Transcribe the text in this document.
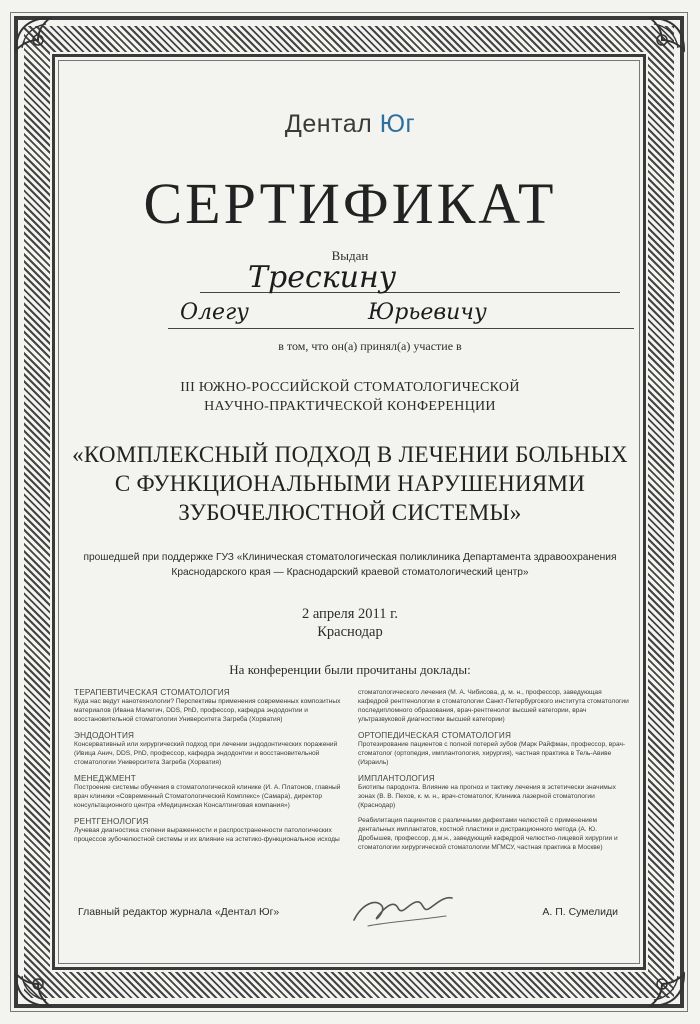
Дентал Юг
СЕРТИФИКАТ
Выдан
Трескину
Олегу	Юрьевичу
в том, что он(а) принял(а) участие в
III ЮЖНО-РОССИЙСКОЙ СТОМАТОЛОГИЧЕСКОЙ
НАУЧНО-ПРАКТИЧЕСКОЙ КОНФЕРЕНЦИИ
«КОМПЛЕКСНЫЙ ПОДХОД В ЛЕЧЕНИИ БОЛЬНЫХ
С ФУНКЦИОНАЛЬНЫМИ НАРУШЕНИЯМИ
ЗУБОЧЕЛЮСТНОЙ СИСТЕМЫ»
прошедшей при поддержке ГУЗ «Клиническая стоматологическая поликлиника Департамента здравоохранения
Краснодарского края — Краснодарский краевой стоматологический центр»
2 апреля 2011 г.
Краснодар
На конференции были прочитаны доклады:
ТЕРАПЕВТИЧЕСКАЯ СТОМАТОЛОГИЯ
Куда нас ведут нанотехнологии? Перспективы применения современных композитных материалов (Ивана Малетич, DDS, PhD, профессор, кафедра эндодонтии и восстановительной стоматологии Университета Загреба (Хорватия)
ЭНДОДОНТИЯ
Консервативный или хирургический подход при лечении эндодонтических поражений (Ивица Анич, DDS, PhD, профессор, кафедра эндодонтии и восстановительной стоматологии Университета Загреба (Хорватия)
МЕНЕДЖМЕНТ
Построение системы обучения в стоматологической клинике (И. А. Платонов, главный врач клиники «Современный Стоматологический Комплекс» (Самара), директор консультационного центра «Медицинская Консалтинговая компания»)
РЕНТГЕНОЛОГИЯ
Лучевая диагностика степени выраженности и распространенности патологических процессов зубочелюстной системы и их влияние на эстетико-функциональное исходы
стоматологического лечения (М. А. Чибисова, д. м. н., профессор, заведующая кафедрой рентгенологии в стоматологии Санкт-Петербургского института стоматологии последипломного образования, врач-рентгенолог высшей категории, врач ультразвуковой диагностики высшей категории)
ОРТОПЕДИЧЕСКАЯ СТОМАТОЛОГИЯ
Протезирование пациентов с полной потерей зубов (Марк Райфман, профессор, врач-стоматолог (ортопедия, имплантология, хирургия), частная практика в Тель-Авиве (Израиль)
ИМПЛАНТОЛОГИЯ
Биотипы пародонта. Влияние на прогноз и тактику лечения в эстетически значимых зонах (В. В. Пехов, к. м. н., врач-стоматолог, Клиника лазерной стоматологии (Краснодар)
Реабилитация пациентов с различными дефектами челюстей с применением дентальных имплантатов, костной пластики и дистракционного метода (А. Ю. Дробышев, профессор, д.м.н., заведующий кафедрой челюстно-лицевой хирургии и стоматологии хирургической стоматологии МГМСУ, частная практика в Москве)
Главный редактор журнала «Дентал Юг»	А. П. Сумелиди
